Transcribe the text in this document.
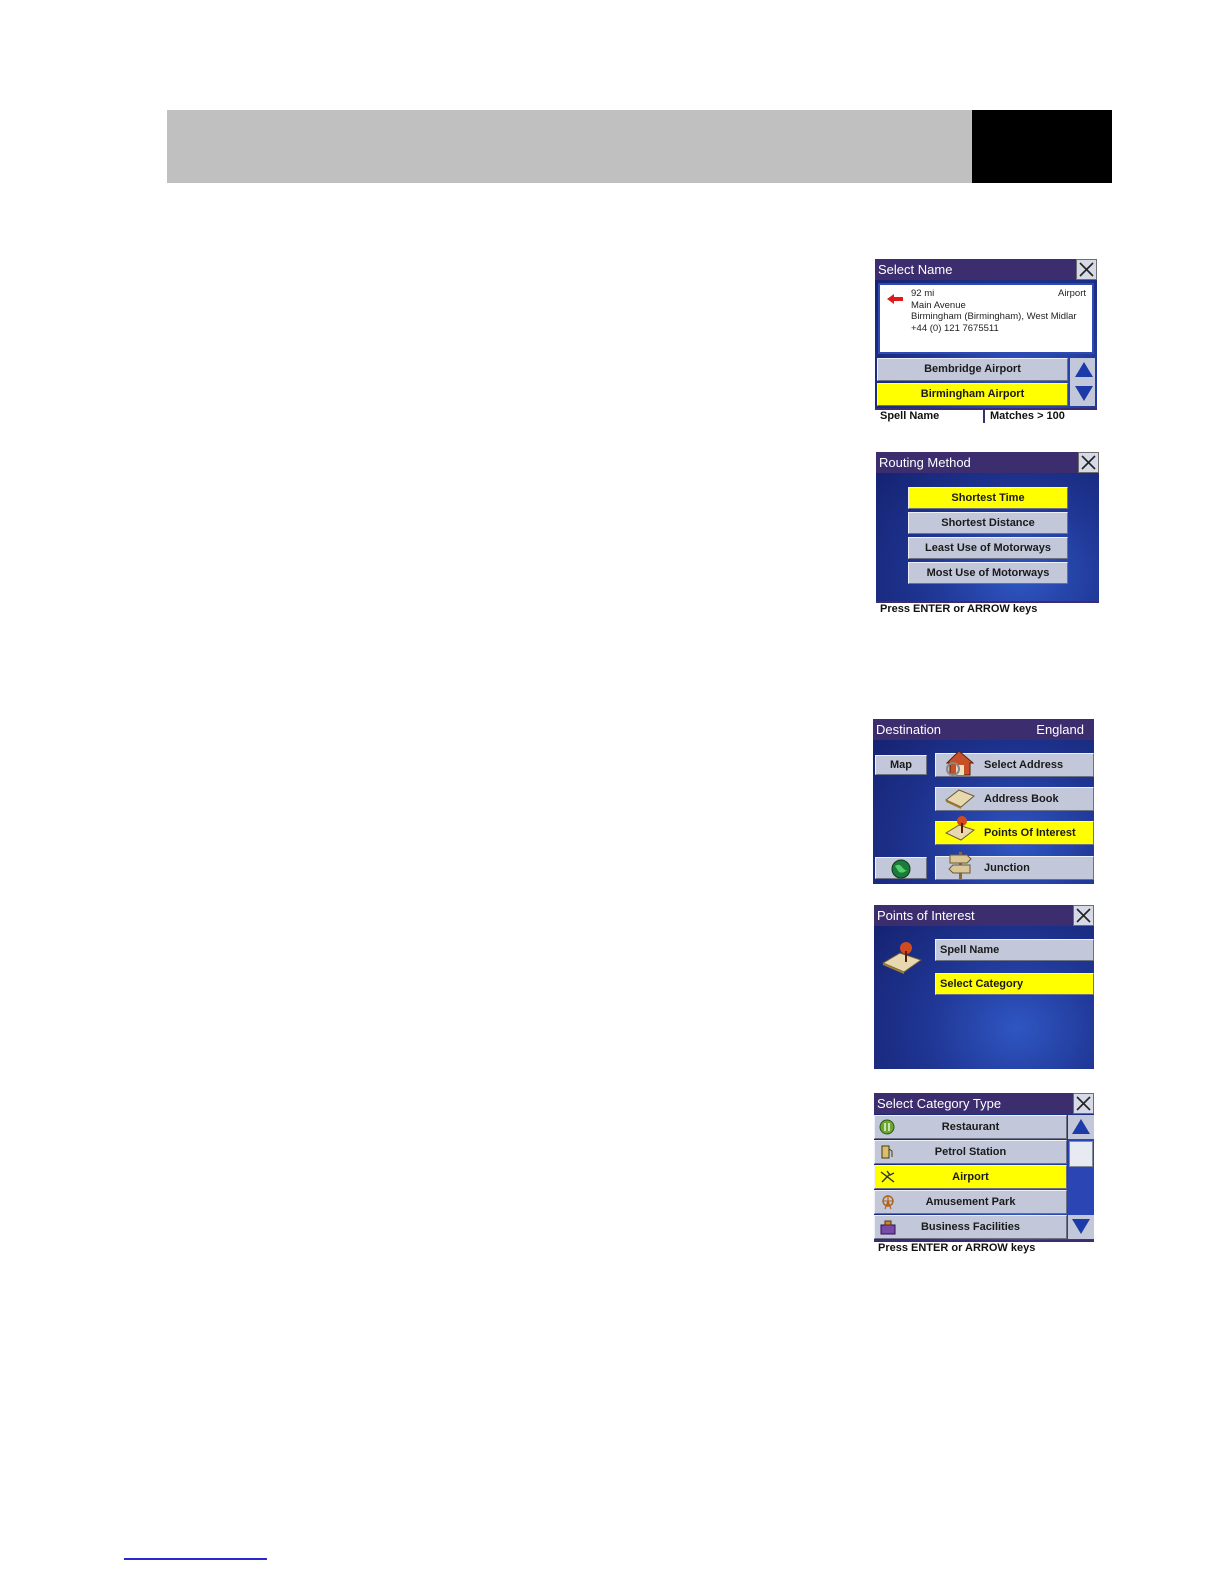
Select Name
92 mi	Airport
Main Avenue
Birmingham (Birmingham), West Midlar
+44 (0) 121 7675511
Bembridge Airport
Birmingham Airport
Spell Name	Matches > 100
Routing Method
Shortest Time
Shortest Distance
Least Use of Motorways
Most Use of Motorways
Press ENTER or ARROW keys
Destination	England
Map	Select Address
Address Book
Points Of Interest
Junction
Points of Interest
Spell Name
Select Category
Select Category Type
Restaurant
Petrol Station
Airport
Amusement Park
Business Facilities
Press ENTER or ARROW keys
